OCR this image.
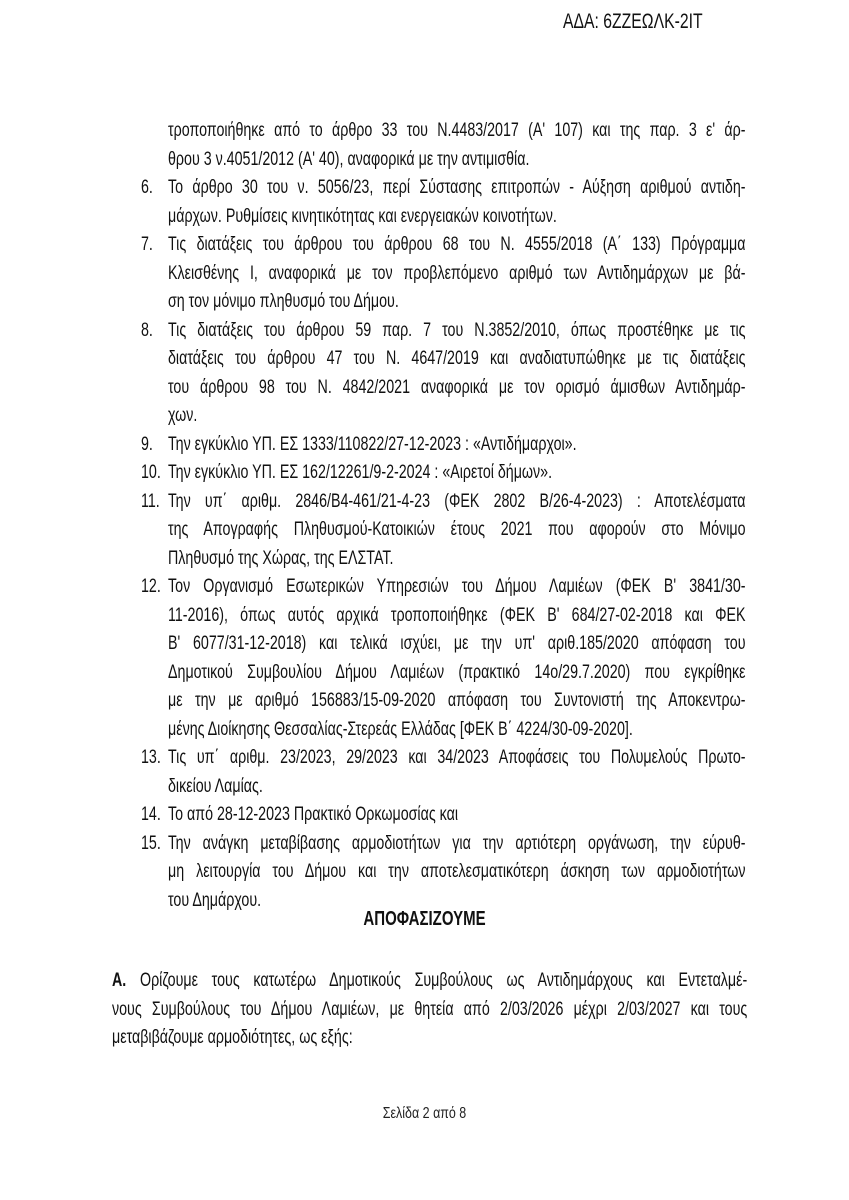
ΑΔΑ: 6ΖΖΕΩΛΚ-2ΙΤ
τροποποιήθηκε από το άρθρο 33 του Ν.4483/2017 (Α' 107) και της παρ. 3 ε' άρ-
θρου 3 ν.4051/2012 (Α' 40), αναφορικά με την αντιμισθία.
6. Το άρθρο 30 του ν. 5056/23, περί Σύστασης επιτροπών - Αύξηση αριθμού αντιδη-
μάρχων. Ρυθμίσεις κινητικότητας και ενεργειακών κοινοτήτων.
7. Τις διατάξεις του άρθρου του άρθρου 68 του Ν. 4555/2018 (Α΄ 133) Πρόγραμμα
Κλεισθένης Ι, αναφορικά με τον προβλεπόμενο αριθμό των Αντιδημάρχων με βά-
ση τον μόνιμο πληθυσμό του Δήμου.
8. Τις διατάξεις του άρθρου 59 παρ. 7 του Ν.3852/2010, όπως προστέθηκε με τις
διατάξεις του άρθρου 47 του Ν. 4647/2019 και αναδιατυπώθηκε με τις διατάξεις
του άρθρου 98 του Ν. 4842/2021 αναφορικά με τον ορισμό άμισθων Αντιδημάρ-
χων.
9. Την εγκύκλιο ΥΠ. ΕΣ 1333/110822/27-12-2023 : «Αντιδήμαρχοι».
10. Την εγκύκλιο ΥΠ. ΕΣ 162/12261/9-2-2024 : «Αιρετοί δήμων».
11. Την υπ΄ αριθμ. 2846/Β4-461/21-4-23 (ΦΕΚ 2802 Β/26-4-2023) : Αποτελέσματα
της Απογραφής Πληθυσμού-Κατοικιών έτους 2021 που αφορούν στο Μόνιμο
Πληθυσμό της Χώρας, της ΕΛΣΤΑΤ.
12. Τον Οργανισμό Εσωτερικών Υπηρεσιών του Δήμου Λαμιέων (ΦΕΚ Β' 3841/30-
11-2016), όπως αυτός αρχικά τροποποιήθηκε (ΦΕΚ Β' 684/27-02-2018 και ΦΕΚ
Β' 6077/31-12-2018) και τελικά ισχύει, με την υπ' αριθ.185/2020 απόφαση του
Δημοτικού Συμβουλίου Δήμου Λαμιέων (πρακτικό 14ο/29.7.2020) που εγκρίθηκε
με την με αριθμό 156883/15-09-2020 απόφαση του Συντονιστή της Αποκεντρω-
μένης Διοίκησης Θεσσαλίας-Στερεάς Ελλάδας [ΦΕΚ Β΄ 4224/30-09-2020].
13. Τις υπ΄ αριθμ. 23/2023, 29/2023 και 34/2023 Αποφάσεις του Πολυμελούς Πρωτο-
δικείου Λαμίας.
14. Το από 28-12-2023 Πρακτικό Ορκωμοσίας και
15. Την ανάγκη μεταβίβασης αρμοδιοτήτων για την αρτιότερη οργάνωση, την εύρυθ-
μη λειτουργία του Δήμου και την αποτελεσματικότερη άσκηση των αρμοδιοτήτων
του Δημάρχου.
ΑΠΟΦΑΣΙΖΟΥΜΕ
Α. Ορίζουμε τους κατωτέρω Δημοτικούς Συμβούλους ως Αντιδημάρχους και Εντεταλμέ-
νους Συμβούλους του Δήμου Λαμιέων, με θητεία από 2/03/2026 μέχρι 2/03/2027 και τους
μεταβιβάζουμε αρμοδιότητες, ως εξής:
Σελίδα 2 από 8
